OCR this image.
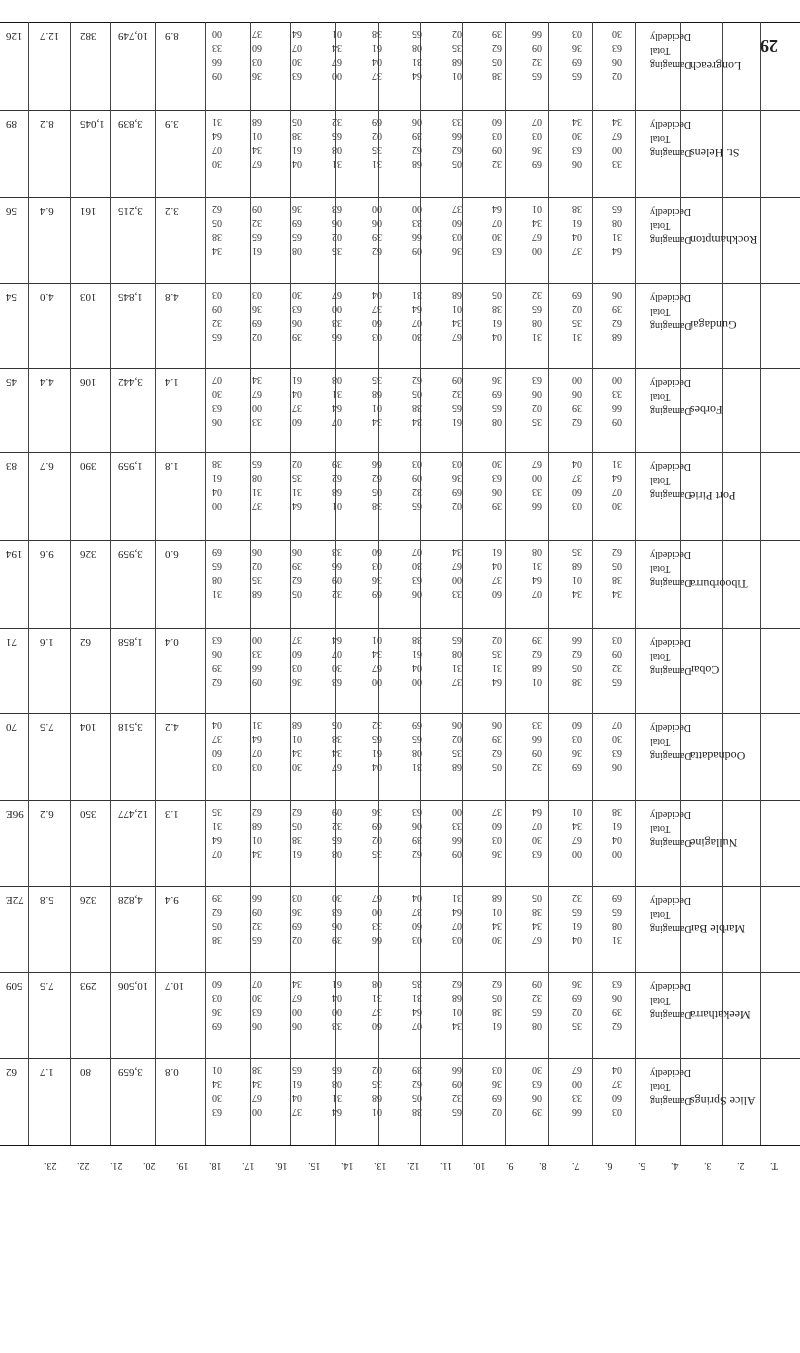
126 12.7 382 10,749 8.9
Longreach
Decidedly
Total
Damaging
00
33
66
09
37
60
03
36
64
07
30
63
01
34
67
00
38
61
04
37
65
08
31
64
02
35
68
01
39
62
05
38
66
09
32
65
03
36
69
65
30
63
06
02
89 8.2 1,045 3,839 3.9
St. Helens
Decidedly
Total
Damaging
31
64
07
30
68
01
34
67
05
38
61
04
32
65
08
31
69
02
35
31
06
39
62
68
33
66
62
05
60
03
09
32
07
03
36
69
34
30
63
06
34
67
00
33
56 6.4 161 3,215 3.2
Rockhampton
Decidedly
Total
Damaging
62
05
38
34
09
32
65
61
36
69
65
08
63
06
02
35
00
06
39
62
00
33
66
09
37
60
03
36
64
07
30
63
01
34
67
00
38
61
04
37
65
08
31
64
54 4.0 103 1,845 4.8
Gundagai
Decidedly
Total
Damaging
03
09
32
65
03
36
69
02
30
63
06
39
67
00
33
66
04
37
60
03
31
64
07
30
68
01
34
67
05
38
61
04
32
65
08
31
69
02
35
31
06
39
62
68
45 4.4 106 3,442 1.4
Forbes
Decidedly
Total
Damaging
07
30
63
06
34
67
00
33
61
04
37
60
08
31
64
07
35
68
01
34
62
05
38
34
09
32
65
61
36
69
65
08
63
06
02
35
00
06
39
62
00
33
66
09
83 6.7 390 1,959 1.8
Port Pirie
Decidedly
Total
Damaging
38
61
04
00
65
08
31
37
02
35
31
64
39
62
68
01
66
62
05
38
03
09
32
65
03
36
69
02
30
63
06
39
67
00
33
66
04
37
60
03
31
64
07
30
194 9.6 326 3,959 6.0
Tiboorburra
Decidedly
Total
Damaging
69
65
08
31
06
02
35
68
06
39
62
05
33
66
09
32
60
03
36
69
07
30
63
06
34
67
00
33
61
04
37
60
08
31
64
07
35
68
01
34
62
05
38
34
71 1.6 62 1,858 0.4
Cobar
Decidedly
Total
Damaging
63
06
39
62
00
33
66
09
37
60
03
36
64
07
30
63
01
34
67
00
38
61
04
00
65
08
31
37
02
35
31
64
39
62
68
01
66
62
05
38
03
09
32
65
70 7.5 104 3,518 4.2
Oodnadatta
Decidedly
Total
Damaging
04
37
60
03
31
64
07
03
68
01
34
30
05
38
34
67
32
65
61
04
69
65
08
31
06
02
35
68
06
39
62
05
33
66
09
32
60
03
36
69
07
30
63
06
96E 6.2 350 12,477 1.3
Nullagine
Decidedly
Total
Damaging
35
31
64
07
62
68
01
34
62
05
38
61
09
32
65
08
36
69
02
35
63
06
39
62
00
33
66
09
37
60
03
36
64
07
30
63
01
34
67
00
38
61
04
00
72E 5.8 326 4,828 9.4
Marble Bar
Decidedly
Total
Damaging
39
62
05
38
66
09
32
65
03
36
69
02
30
63
06
39
67
00
33
66
04
37
60
03
31
64
07
03
68
01
34
30
05
38
34
67
32
65
61
04
69
65
08
31
509 7.5 293 10,506 10.7
Meekatharra
Decidedly
Total
Damaging
60
03
36
69
07
30
63
06
34
67
00
06
61
04
00
33
08
31
37
60
35
31
64
07
62
68
01
34
62
05
38
61
09
32
65
08
36
69
02
35
63
06
39
62
62 1.7 80 3,659 0.8
Alice Springs
Decidedly
Total
Damaging
01
34
30
63
38
34
67
00
65
61
04
37
65
08
31
64
02
35
68
01
39
62
05
38
66
09
32
65
03
36
69
02
30
63
06
39
67
00
33
66
04
37
60
03
29
T.
2.
3.
4.
5.
6.
7.
8.
9.
10.
11.
12.
13.
14.
15.
16.
17.
18.
19.
20.
21.
22.
23.
